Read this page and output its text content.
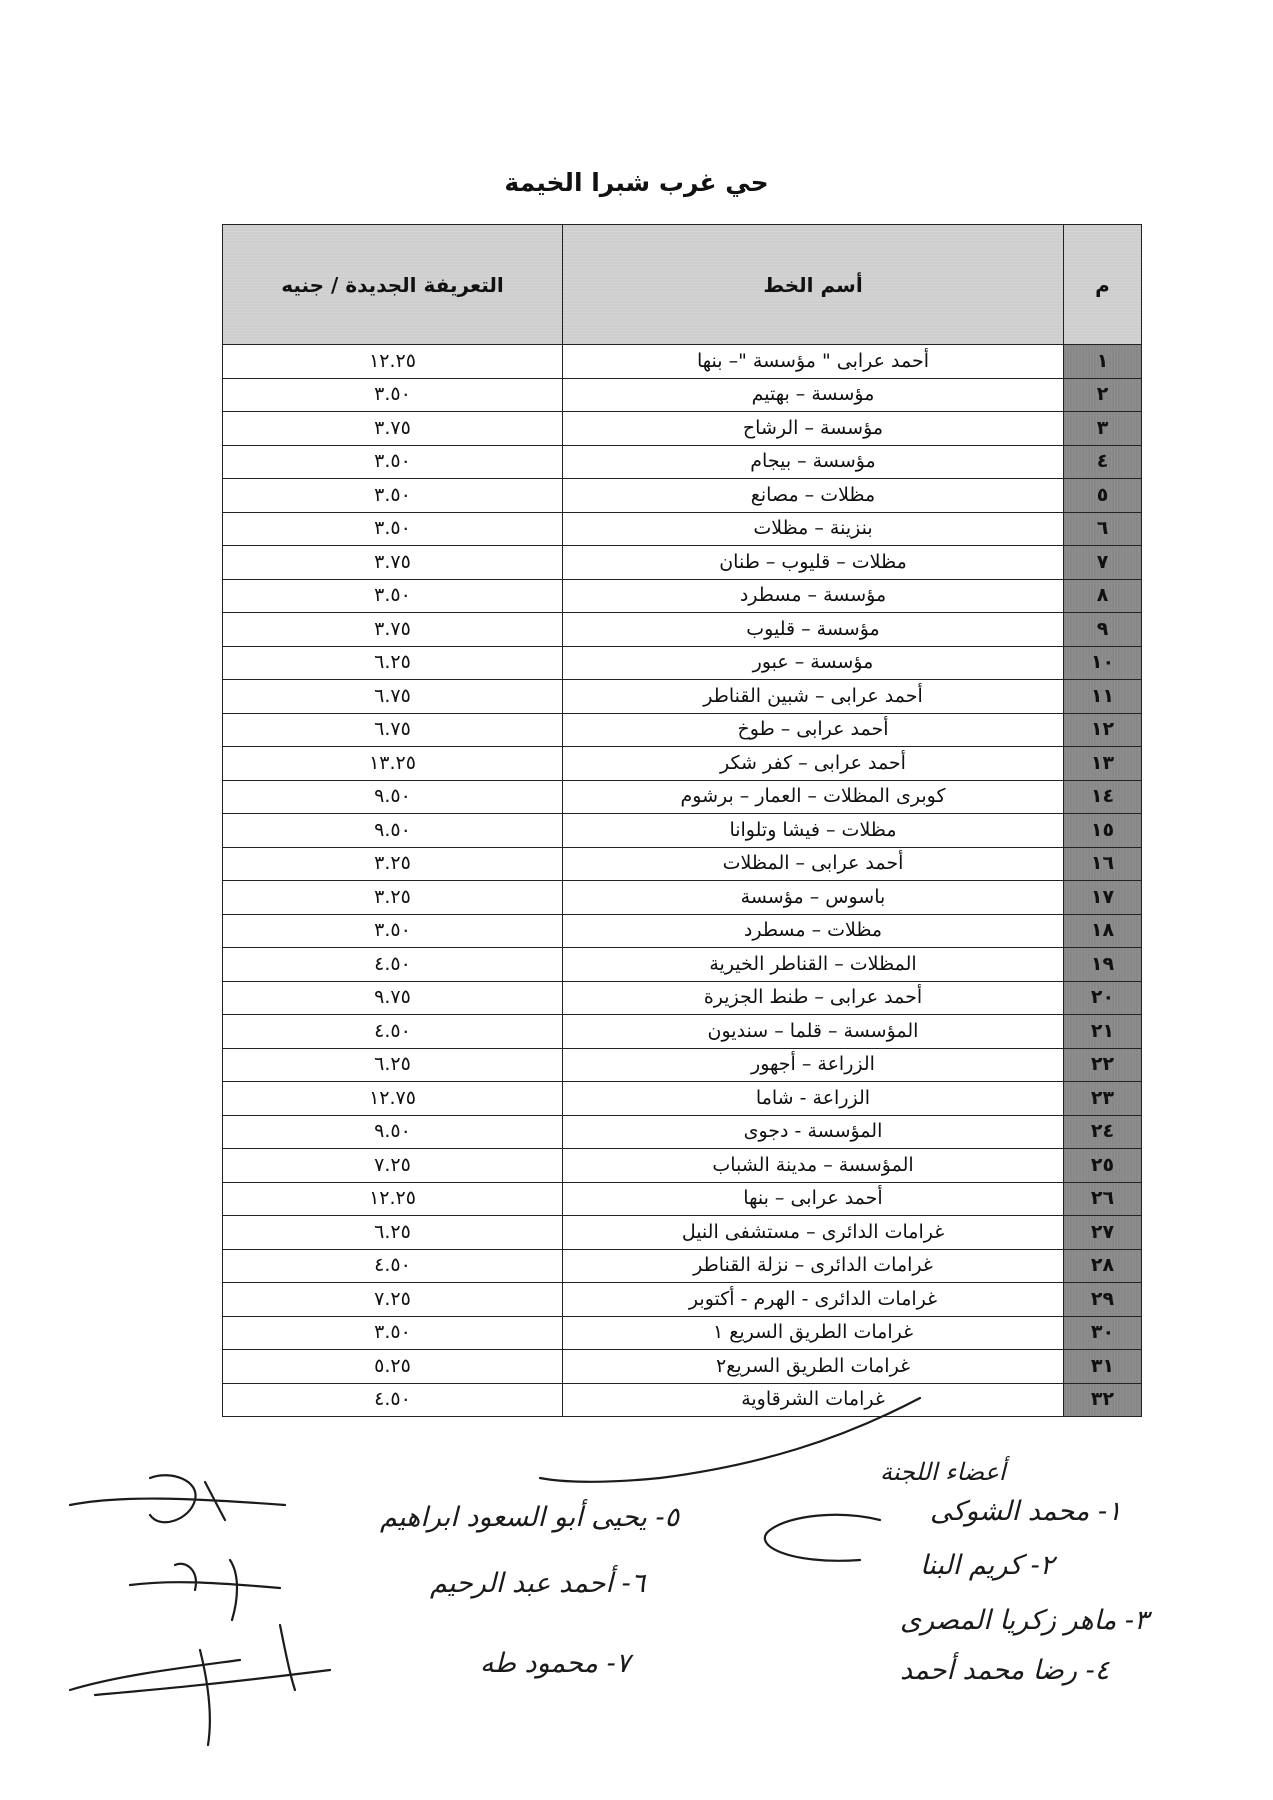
حي غرب شبرا الخيمة
م	أسم الخط	التعريفة الجديدة / جنيه
١	أحمد عرابى " مؤسسة "– بنها	١٢.٢٥
٢	مؤسسة – بهتيم	٣.٥٠
٣	مؤسسة – الرشاح	٣.٧٥
٤	مؤسسة – بيجام	٣.٥٠
٥	مظلات – مصانع	٣.٥٠
٦	بنزينة – مظلات	٣.٥٠
٧	مظلات – قليوب – طنان	٣.٧٥
٨	مؤسسة – مسطرد	٣.٥٠
٩	مؤسسة – قليوب	٣.٧٥
١٠	مؤسسة – عبور	٦.٢٥
١١	أحمد عرابى – شبين القناطر	٦.٧٥
١٢	أحمد عرابى – طوخ	٦.٧٥
١٣	أحمد عرابى – كفر شكر	١٣.٢٥
١٤	كوبرى المظلات – العمار – برشوم	٩.٥٠
١٥	مظلات – فيشا وتلوانا	٩.٥٠
١٦	أحمد عرابى – المظلات	٣.٢٥
١٧	باسوس – مؤسسة	٣.٢٥
١٨	مظلات – مسطرد	٣.٥٠
١٩	المظلات – القناطر الخيرية	٤.٥٠
٢٠	أحمد عرابى – طنط الجزيرة	٩.٧٥
٢١	المؤسسة – قلما – سنديون	٤.٥٠
٢٢	الزراعة – أجهور	٦.٢٥
٢٣	الزراعة - شاما	١٢.٧٥
٢٤	المؤسسة - دجوى	٩.٥٠
٢٥	المؤسسة – مدينة الشباب	٧.٢٥
٢٦	أحمد عرابى – بنها	١٢.٢٥
٢٧	غرامات الدائرى – مستشفى النيل	٦.٢٥
٢٨	غرامات الدائرى – نزلة القناطر	٤.٥٠
٢٩	غرامات الدائرى - الهرم - أكتوبر	٧.٢٥
٣٠	غرامات الطريق السريع ١	٣.٥٠
٣١	غرامات الطريق السريع٢	٥.٢٥
٣٢	غرامات الشرقاوية	٤.٥٠
أعضاء اللجنة
١- محمد الشوكى
٢- كريم البنا
٣- ماهر زكريا المصرى
٤- رضا محمد أحمد
٥- يحيى أبو السعود ابراهيم
٦- أحمد عبد الرحيم
٧- محمود طه
